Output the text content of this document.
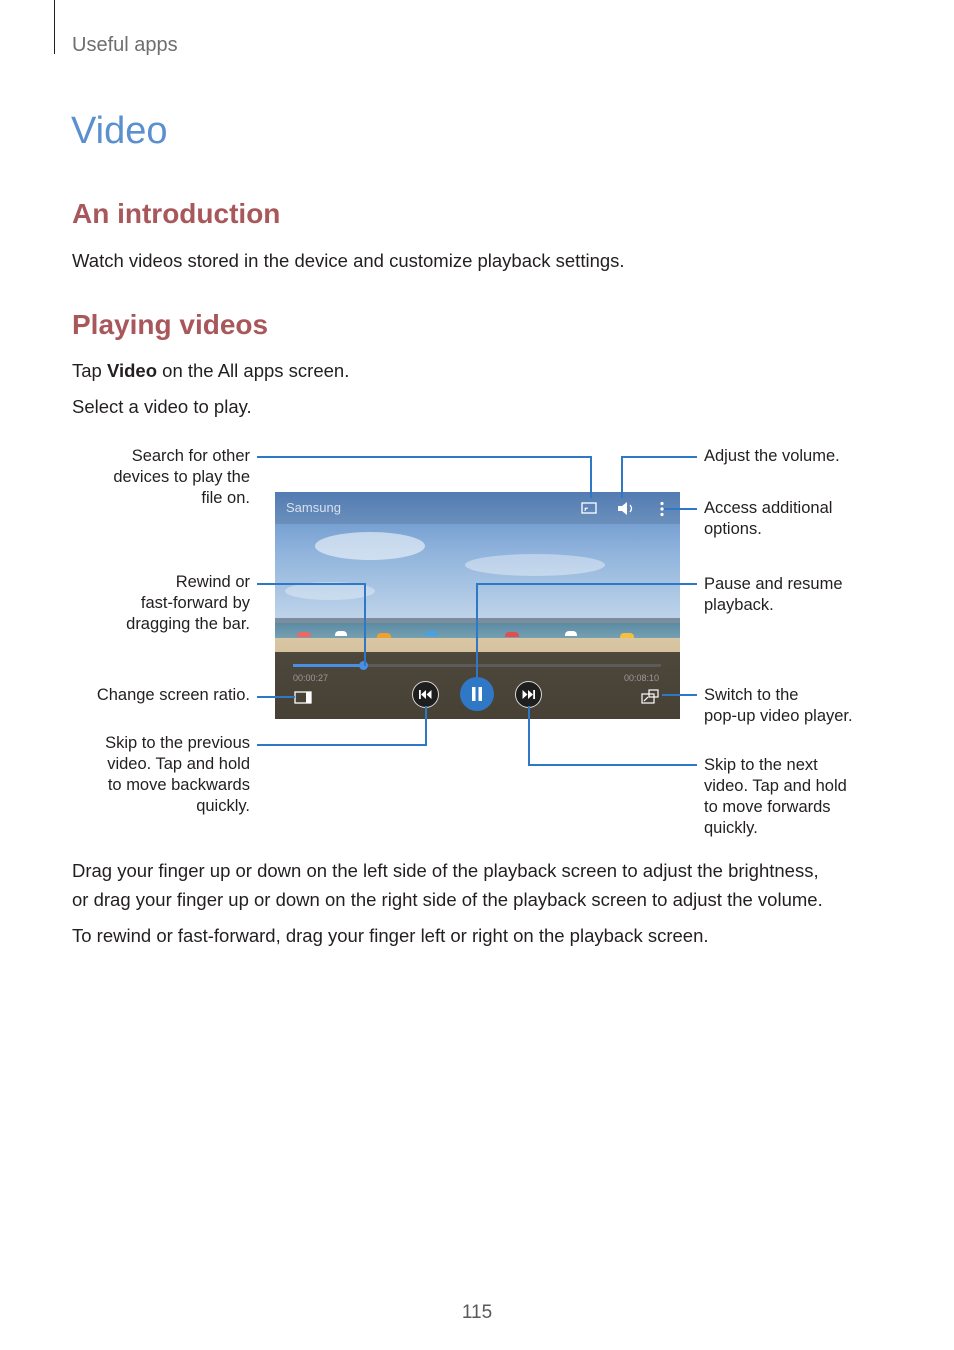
Useful apps
Video
An introduction
Watch videos stored in the device and customize playback settings.
Playing videos
Tap Video on the All apps screen.
Select a video to play.
Samsung
00:00:27	00:08:10
Search for other
devices to play the
file on.
Rewind or
fast-forward by
dragging the bar.
Change screen ratio.
Skip to the previous
video. Tap and hold
to move backwards
quickly.
Adjust the volume.
Access additional
options.
Pause and resume
playback.
Switch to the
pop-up video player.
Skip to the next
video. Tap and hold
to move forwards
quickly.
Drag your finger up or down on the left side of the playback screen to adjust the brightness,
or drag your finger up or down on the right side of the playback screen to adjust the volume.
To rewind or fast-forward, drag your finger left or right on the playback screen.
115
